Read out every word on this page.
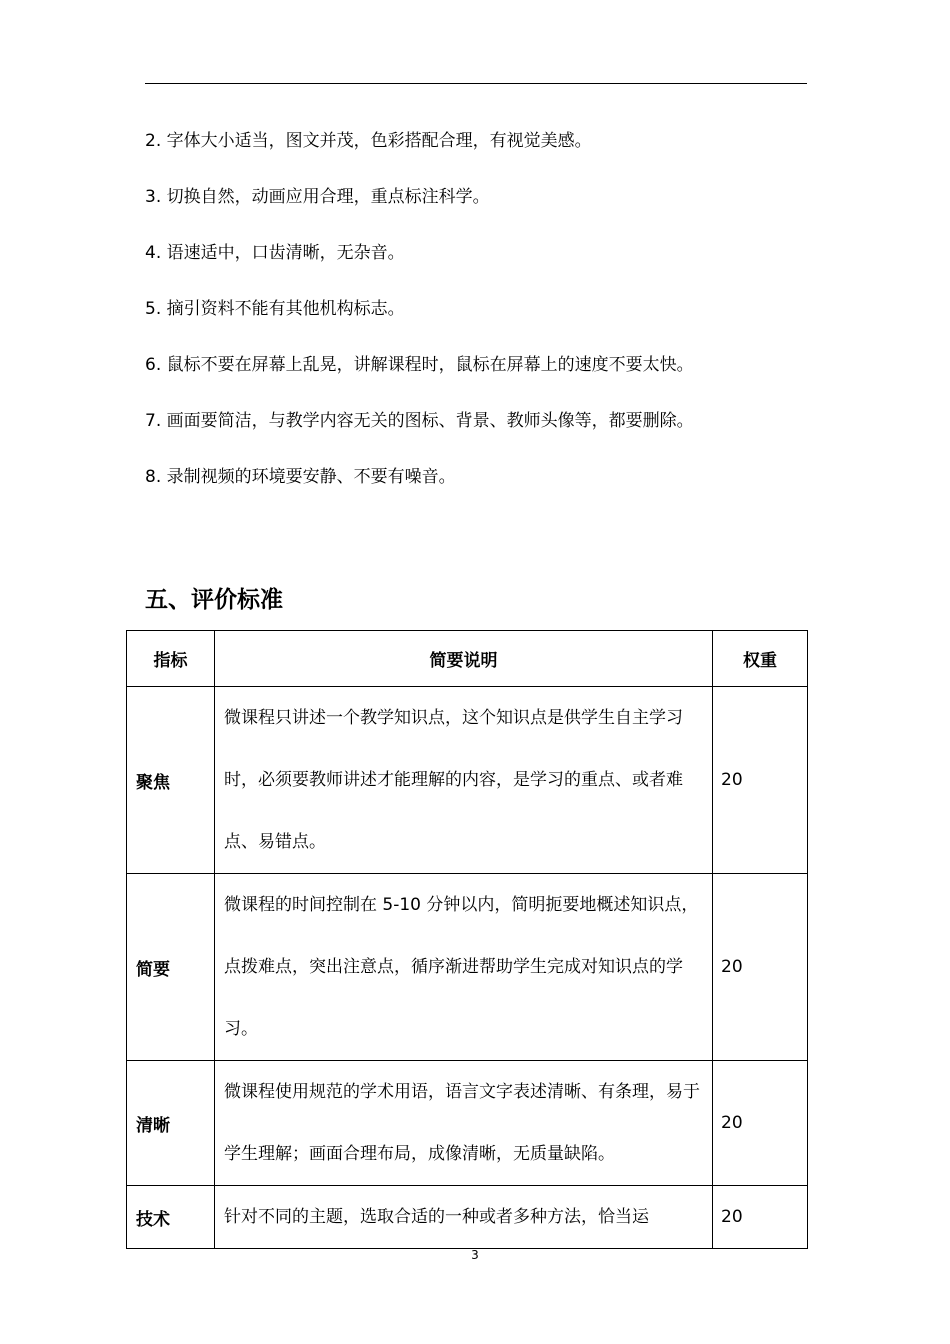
2. 字体大小适当，图文并茂，色彩搭配合理，有视觉美感。
3. 切换自然，动画应用合理，重点标注科学。
4. 语速适中，口齿清晰，无杂音。
5. 摘引资料不能有其他机构标志。
6. 鼠标不要在屏幕上乱晃，讲解课程时，鼠标在屏幕上的速度不要太快。
7. 画面要简洁，与教学内容无关的图标、背景、教师头像等，都要删除。
8. 录制视频的环境要安静、不要有噪音。
五、评价标准
指标	简要说明	权重
聚焦	微课程只讲述一个教学知识点，这个知识点是供学生自主学习时，必须要教师讲述才能理解的内容，是学习的重点、或者难点、易错点。	20
简要	微课程的时间控制在 5-10 分钟以内，简明扼要地概述知识点，点拨难点，突出注意点，循序渐进帮助学生完成对知识点的学习。	20
清晰	微课程使用规范的学术用语，语言文字表述清晰、有条理，易于学生理解；画面合理布局，成像清晰，无质量缺陷。	20
技术	针对不同的主题，选取合适的一种或者多种方法，恰当运	20
3
